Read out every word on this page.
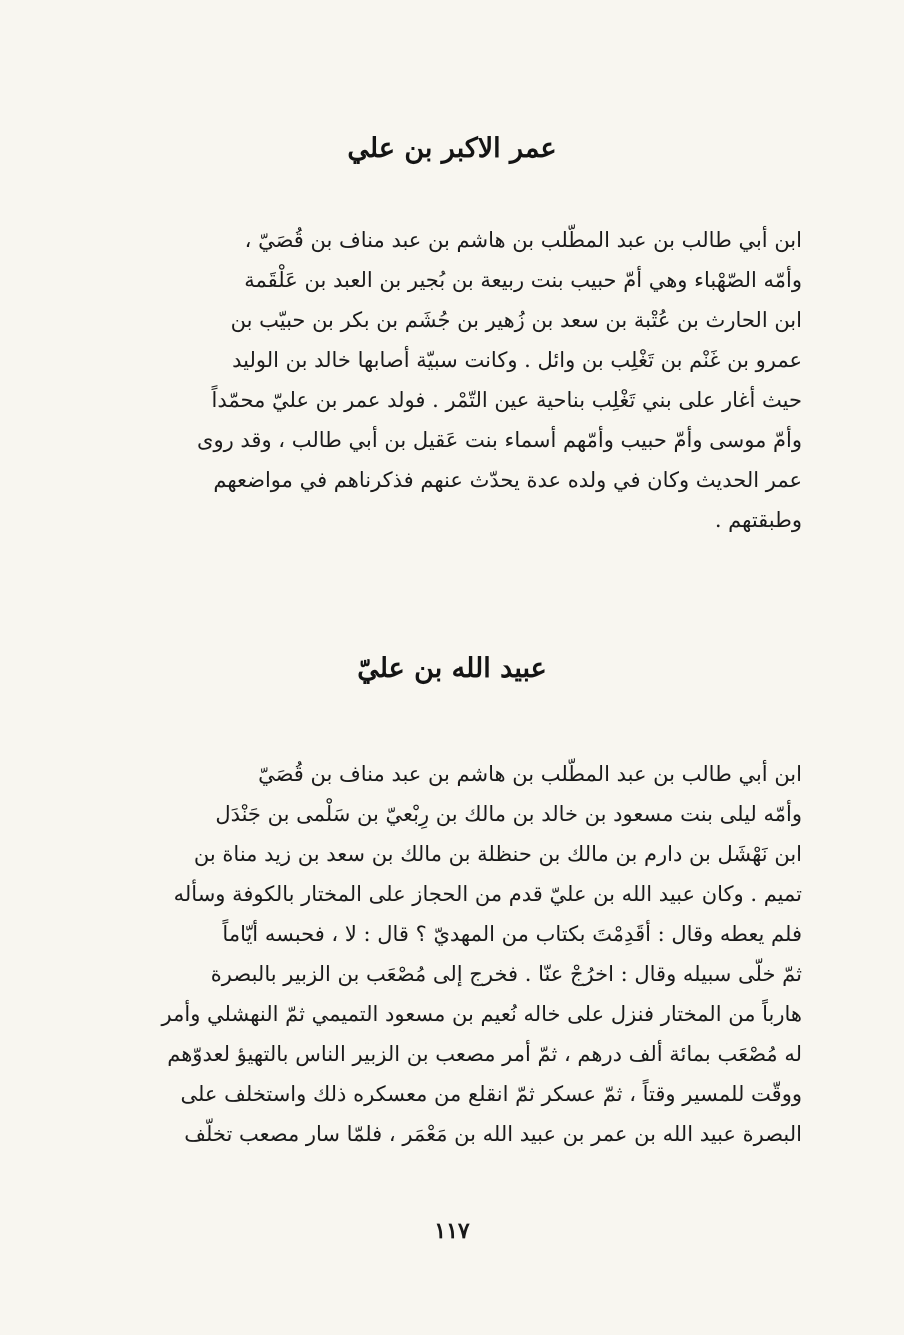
عمر الاكبر بن علي
ابن أبي طالب بن عبد المطّلب بن هاشم بن عبد مناف بن قُصَيّ ،
وأمّه الصّهْباء وهي أمّ حبيب بنت ربيعة بن بُجير بن العبد بن عَلْقَمة
ابن الحارث بن عُتْبة بن سعد بن زُهير بن جُشَم بن بكر بن حبيّب بن
عمرو بن غَنْم بن تَغْلِب بن وائل . وكانت سبيّة أصابها خالد بن الوليد
حيث أغار على بني تَغْلِب بناحية عين التّمْر . فولد عمر بن عليّ محمّداً
وأمّ موسى وأمّ حبيب وأمّهم أسماء بنت عَقيل بن أبي طالب ، وقد روى
عمر الحديث وكان في ولده عدة يحدّث عنهم فذكرناهم في مواضعهم
وطبقتهم .
عبيد الله بن عليّ
ابن أبي طالب بن عبد المطّلب بن هاشم بن عبد مناف بن قُصَيّ
وأمّه ليلى بنت مسعود بن خالد بن مالك بن رِبْعيّ بن سَلْمى بن جَنْدَل
ابن نَهْشَل بن دارم بن مالك بن حنظلة بن مالك بن سعد بن زيد مناة بن
تميم . وكان عبيد الله بن عليّ قدم من الحجاز على المختار بالكوفة وسأله
فلم يعطه وقال : أقَدِمْتَ بكتاب من المهديّ ؟ قال : لا ، فحبسه أيّاماً
ثمّ خلّى سبيله وقال : اخرُجْ عنّا . فخرج إلى مُصْعَب بن الزبير بالبصرة
هارباً من المختار فنزل على خاله نُعيم بن مسعود التميمي ثمّ النهشلي وأمر
له مُصْعَب بمائة ألف درهم ، ثمّ أمر مصعب بن الزبير الناس بالتهيؤ لعدوّهم
ووقّت للمسير وقتاً ، ثمّ عسكر ثمّ انقلع من معسكره ذلك واستخلف على
البصرة عبيد الله بن عمر بن عبيد الله بن مَعْمَر ، فلمّا سار مصعب تخلّف
١١٧
